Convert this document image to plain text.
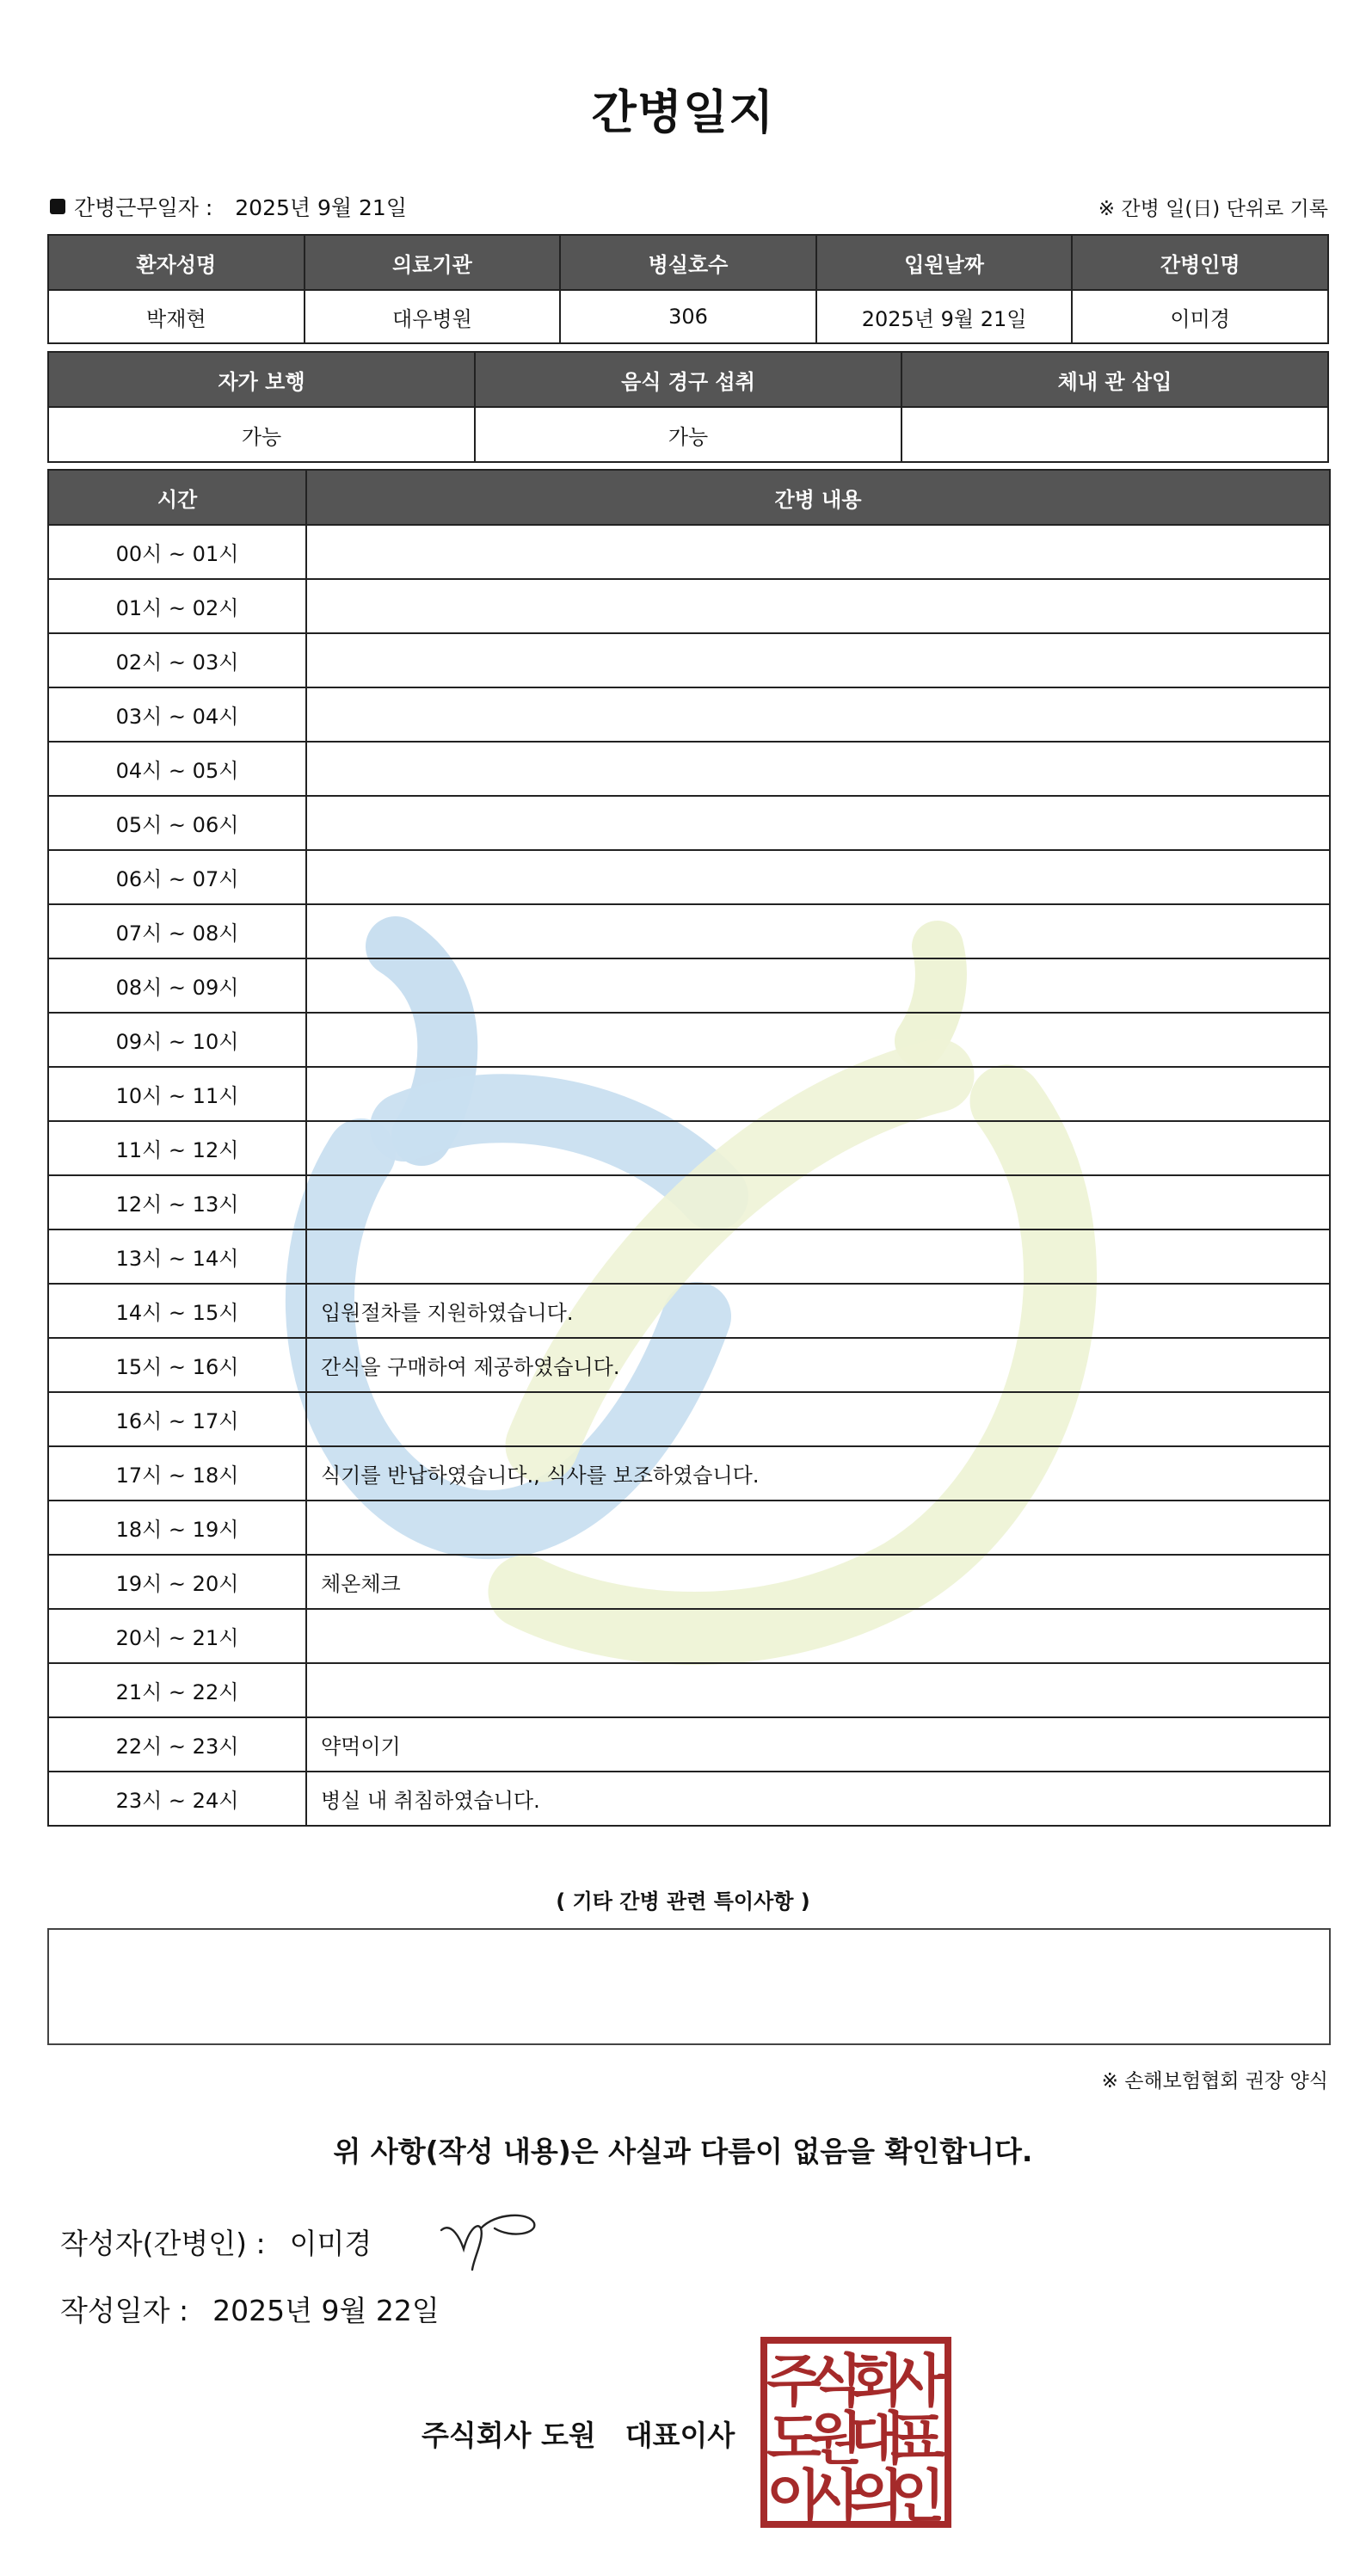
간병일지
간병근무일자 : 2025년 9월 21일	※ 간병 일(日) 단위로 기록
환자성명	의료기관	병실호수	입원날짜	간병인명
박재현	대우병원	306	2025년 9월 21일	이미경
자가 보행	음식 경구 섭취	체내 관 삽입
가능	가능	
시간	간병 내용
00시 ~ 01시	
01시 ~ 02시	
02시 ~ 03시	
03시 ~ 04시	
04시 ~ 05시	
05시 ~ 06시	
06시 ~ 07시	
07시 ~ 08시	
08시 ~ 09시	
09시 ~ 10시	
10시 ~ 11시	
11시 ~ 12시	
12시 ~ 13시	
13시 ~ 14시	
14시 ~ 15시	입원절차를 지원하였습니다.
15시 ~ 16시	간식을 구매하여 제공하였습니다.
16시 ~ 17시	
17시 ~ 18시	식기를 반납하였습니다., 식사를 보조하였습니다.
18시 ~ 19시	
19시 ~ 20시	체온체크
20시 ~ 21시	
21시 ~ 22시	
22시 ~ 23시	약먹이기
23시 ~ 24시	병실 내 취침하였습니다.
( 기타 간병 관련 특이사항 )
※ 손해보험협회 권장 양식
위 사항(작성 내용)은 사실과 다름이 없음을 확인합니다.
작성자(간병인) : 이미경
작성일자 : 2025년 9월 22일
주식회사 도원 대표이사
주
식
회
사
도
원
대
표
이
사
의
인
